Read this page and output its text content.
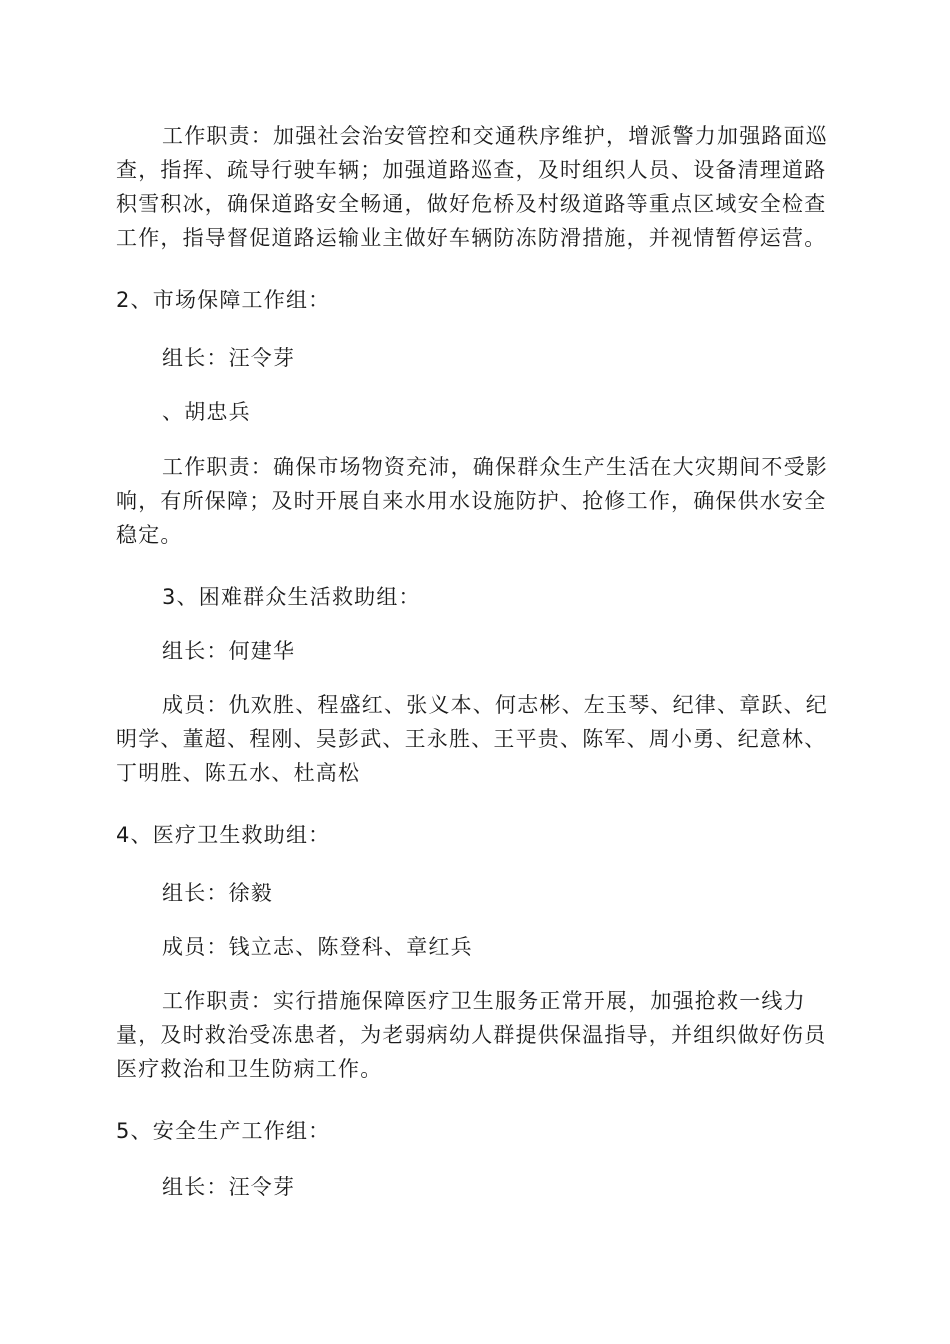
工作职责：加强社会治安管控和交通秩序维护，增派警力加强路面巡
查，指挥、疏导行驶车辆；加强道路巡查，及时组织人员、设备清理道路
积雪积冰，确保道路安全畅通，做好危桥及村级道路等重点区域安全检查
工作，指导督促道路运输业主做好车辆防冻防滑措施，并视情暂停运营。
2、市场保障工作组：
组长：汪令芽
、胡忠兵
工作职责：确保市场物资充沛，确保群众生产生活在大灾期间不受影
响，有所保障；及时开展自来水用水设施防护、抢修工作，确保供水安全
稳定。
3、困难群众生活救助组：
组长：何建华
成员：仇欢胜、程盛红、张义本、何志彬、左玉琴、纪律、章跃、纪
明学、董超、程刚、吴彭武、王永胜、王平贵、陈军、周小勇、纪意林、
丁明胜、陈五水、杜高松
4、医疗卫生救助组：
组长：徐毅
成员：钱立志、陈登科、章红兵
工作职责：实行措施保障医疗卫生服务正常开展，加强抢救一线力
量，及时救治受冻患者，为老弱病幼人群提供保温指导，并组织做好伤员
医疗救治和卫生防病工作。
5、安全生产工作组：
组长：汪令芽
